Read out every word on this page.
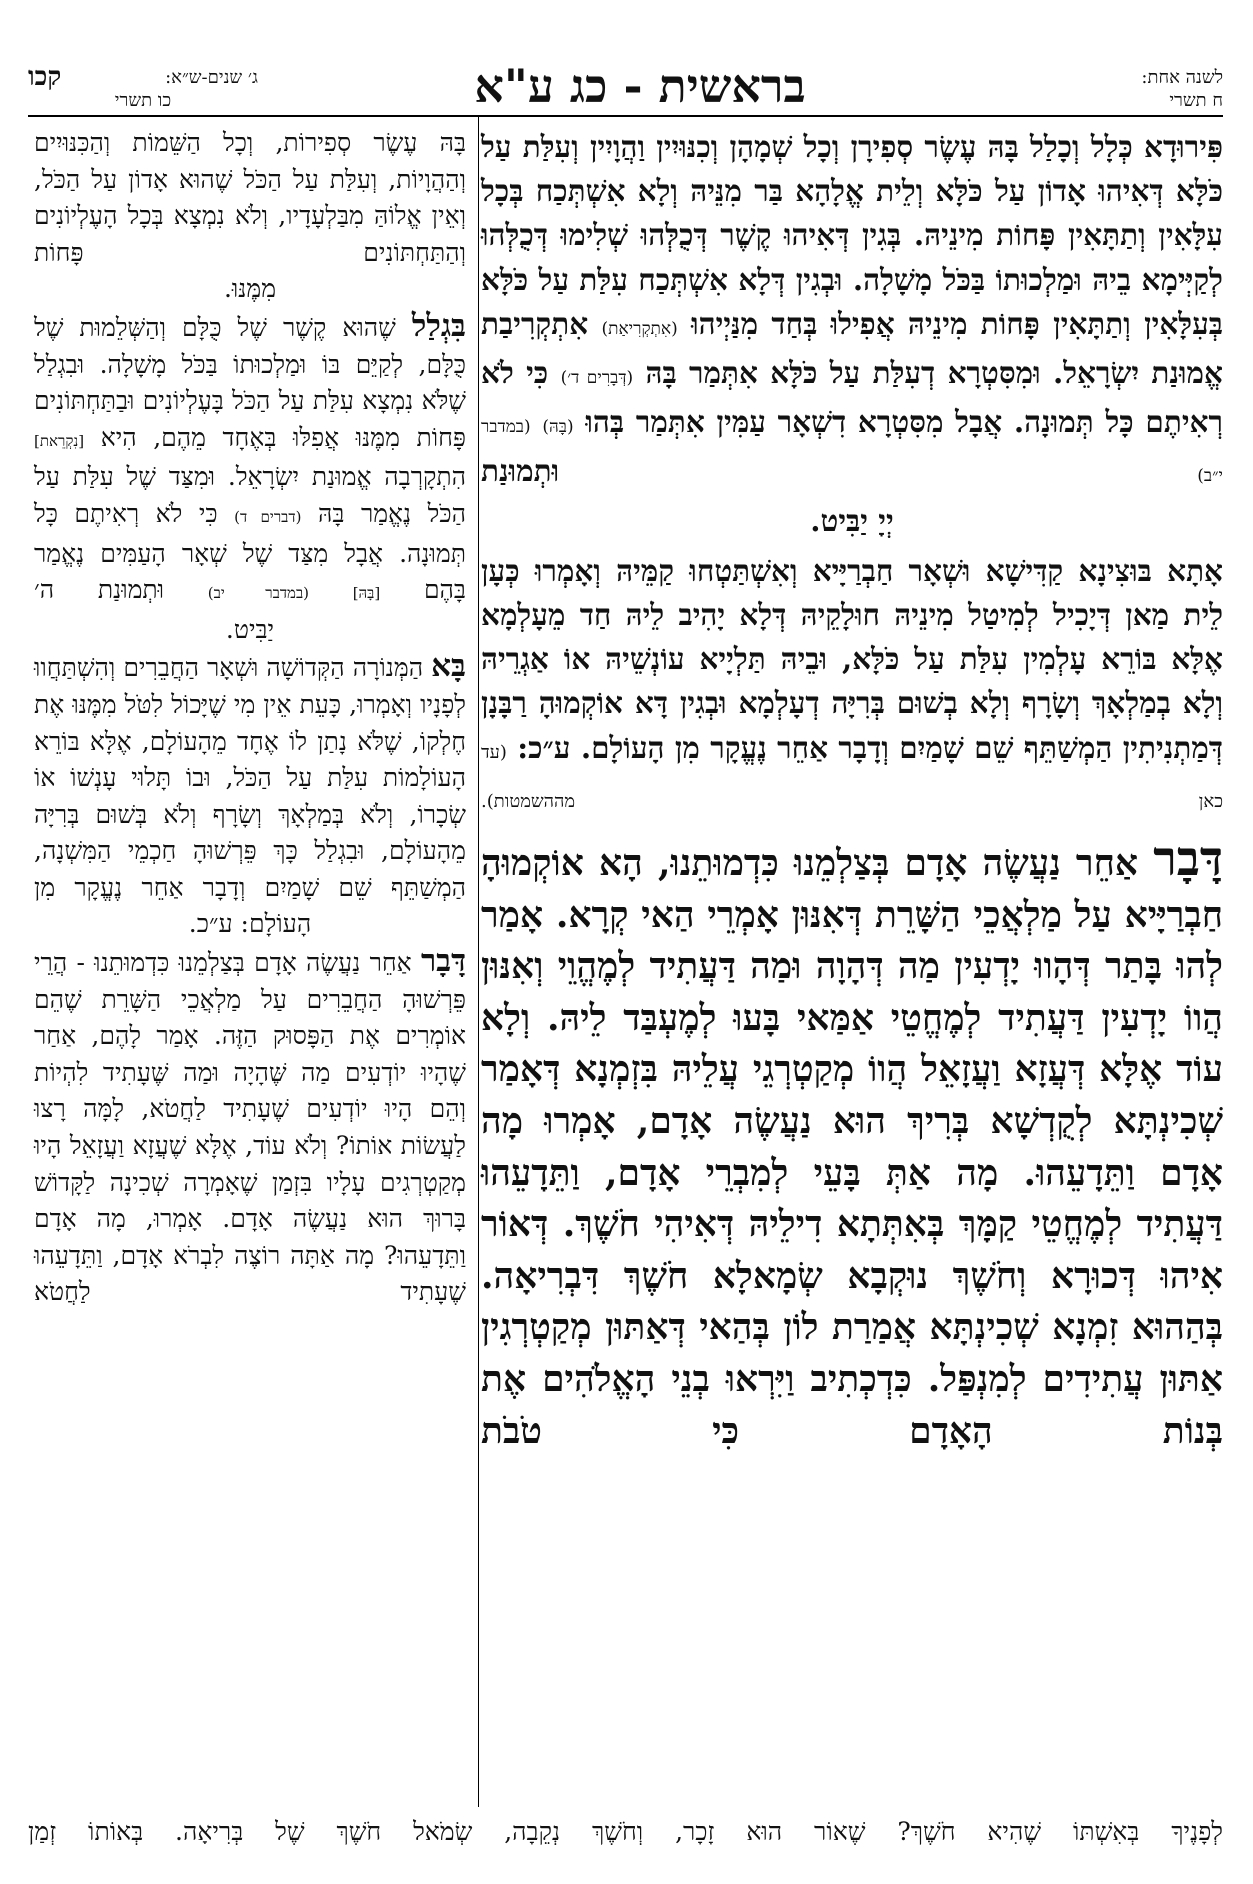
לשנה אחת:
ח תשרי
בראשית - כג ע"א
ג׳ שנים-ש״א:
קכו
כו תשרי

פִּירוּדָא כְּלָל וְכָלַל בָּהּ עֶשֶׂר סְפִירָן וְכָל שְׁמָהָן וְכִנּוּיִין וַהֲוָיִין וְעִלַּת עַל כֹּלָּא דְּאִיהוּ אָדוֹן עַל כֹּלָּא וְלֵית אֱלָהָא בַּר מִנֵּיהּ וְלָא אִשְׁתְּכַח בְּכָל עִלָּאִין וְתַתָּאִין פָּחוֹת מִינֵיהּ. בְּגִין דְּאִיהוּ קֶשֶׁר דְּכֻלְּהוּ שְׁלִימוּ דְּכֻלְּהוּ לְקַיְּימָא בֵיהּ וּמַלְכוּתוֹ בַּכֹּל מָשָׁלָה. וּבְגִין דְּלָא אִשְׁתְּכַח עִלַּת עַל כֹּלָּא בְּעִלָּאִין וְתַתָּאִין פָּחוֹת מִינֵיהּ אֲפִילוּ בְּחַד מִנַּיְיהוּ (אִתְקְרִיאַת) אִתְקְרִיבַת אֱמוּנַת יִשְׂרָאֵל. וּמִסִּטְרָא דְעִלַּת עַל כֹּלָּא אִתְּמַר בָּהּ (דְּבָרִים ד׳) כִּי לֹא רְאִיתֶם כָּל תְּמוּנָה. אֲבָל מִסִּטְרָא דִשְׁאָר עַמִּין אִתְּמַר בְּהוּ (בָּהּ) (במדבר י״ב) וּתְמוּנַת
יְיָ יַבִּיט.

אָתָא בּוּצִינָא קַדִּישָׁא וּשְׁאָר חַבְרַיָּיא וְאִשְׁתַּטְחוּ קַמֵּיהּ וְאָמְרוּ כְּעָן לֵית מַאן דְּיָכִיל לְמִיטַל מִינֵיהּ חוּלָקֵיהּ דְּלָא יָהִיב לֵיהּ חַד מֵעָלְמָא אֶלָּא בּוֹרֵא עָלְמִין עִלַּת עַל כֹּלָּא, וּבֵיהּ תַּלְיָיא עוֹנְשֵׁיהּ אוֹ אַגְרֵיהּ וְלָא בְמַלְאָךְ וְשָׂרָף וְלָא בְשׁוּם בְּרִיָּה דְעָלְמָא וּבְגִין דָּא אוֹקְמוּהָ רַבָּנָן דְּמַתְנִיתִין הַמְשַׁתֵּף שֵׁם שָׁמַיִם וְדָבָר אַחֵר נֶעֱקָר מִן הָעוֹלָם. ע״כ: (עד כאן מההשמטות).

דָּבָר אַחֵר נַעֲשֶׂה אָדָם בְּצַלְמֵנוּ כִּדְמוּתֵנוּ, הָא אוֹקְמוּהָ חַבְרַיָּיא עַל מַלְאֲכֵי הַשָּׁרֵת דְּאִנּוּן אָמְרֵי הַאי קְרָא. אָמַר לְהוּ בָּתַר דְּהָווּ יָדְעִין מַה דְּהָוָה וּמַה דַּעֲתִיד לְמֶהֱוֵי וְאִנּוּן הֲווֹ יָדְעִין דַּעֲתִיד לְמֶחֱטֵי אַמַּאי בָּעוּ לְמֶעְבַּד לֵיהּ. וְלָא עוֹד אֶלָּא דְּעֲזָא וַעֲזָאֵל הֲווֹ מְקַטְרְגֵי עֲלֵיהּ בִּזְמְנָא דְּאָמַר שְׁכִינְתָּא לְקֻדְשָׁא בְּרִיךְ הוּא נַעֲשֶׂה אָדָם, אָמְרוּ מָה אָדָם וַתֵּדָעֵהוּ. מָה אַתְּ בָּעֵי לְמִבְרֵי אָדָם, וַתֵּדָעֵהוּ דַּעֲתִיד לְמֶחֱטֵי קַמָּךְ בְּאִתְּתָא דִילֵיהּ דְּאִיהִי חֹשֶׁךְ. דְּאוֹר אִיהוּ דְּכוּרָא וְחֹשֶׁךְ נוּקְבָא שְׂמָאלָא חֹשֶׁךְ דִּבְרִיאָה. בְּהַהוּא זִמְנָא שְׁכִינְתָּא אֲמַרַת לוֹן בְּהַאי דְּאַתּוּן מְקַטְרְגִין אַתּוּן עֲתִידִים לְמִנְפַּל. כִּדְכְתִיב וַיִּרְאוּ בְנֵי הָאֱלֹהִים אֶת בְּנוֹת הָאָדָם כִּי טֹבֹת

בָּהּ עֶשֶׂר סְפִירוֹת, וְכָל הַשֵּׁמוֹת וְהַכִּנּוּיִים וְהַהֲוָיוֹת, וְעִלַּת עַל הַכֹּל שֶׁהוּא אָדוֹן עַל הַכֹּל, וְאֵין אֱלוֹהַּ מִבַּלְעָדָיו, וְלֹא נִמְצָא בְּכָל הָעֶלְיוֹנִים וְהַתַּחְתּוֹנִים פָּחוֹת
מִמֶּנּוּ.

בִּגְלַל שֶׁהוּא קֶשֶׁר שֶׁל כֻּלָּם וְהַשְּׁלֵמוּת שֶׁל כֻּלָּם, לְקַיֵּם בּוֹ וּמַלְכוּתוֹ בַּכֹּל מָשָׁלָה. וּבִגְלַל שֶׁלֹּא נִמְצָא עִלַּת עַל הַכֹּל בָּעֶלְיוֹנִים וּבַתַּחְתּוֹנִים פָּחוֹת מִמֶּנּוּ אֲפִלּוּ בְּאֶחָד מֵהֶם, הִיא [נִקְרֵאת] הִתְקָרְבָה אֱמוּנַת יִשְׂרָאֵל. וּמִצַּד שֶׁל עִלַּת עַל הַכֹּל נֶאֱמַר בָּהּ (דברים ד) כִּי לֹא רְאִיתֶם כָּל תְּמוּנָה. אֲבָל מִצַּד שֶׁל שְׁאָר הָעַמִּים נֶאֱמַר בָּהֶם [בָּהּ] (במדבר יב) וּתְמוּנַת ה׳
יַבִּיט.

בָּא הַמְּנוֹרָה הַקְּדוֹשָׁה וּשְׁאָר הַחֲבֵרִים וְהִשְׁתַּחֲווּ לְפָנָיו וְאָמְרוּ, כָּעֵת אֵין מִי שֶׁיָּכוֹל לִטֹּל מִמֶּנּוּ אֶת חֶלְקוֹ, שֶׁלֹּא נָתַן לוֹ אֶחָד מֵהָעוֹלָם, אֶלָּא בּוֹרֵא הָעוֹלָמוֹת עִלַּת עַל הַכֹּל, וּבוֹ תָּלוּי עָנְשׁוֹ אוֹ שְׂכָרוֹ, וְלֹא בְּמַלְאָךְ וְשָׂרָף וְלֹא בְּשׁוּם בְּרִיָּה מֵהָעוֹלָם, וּבִגְלַל כָּךְ פֵּרְשׁוּהָ חַכְמֵי הַמִּשְׁנָה, הַמְשַׁתֵּף שֵׁם שָׁמַיִם וְדָבָר אַחֵר נֶעֱקָר מִן
הָעוֹלָם: ע״כ.

דָּבָר אַחֵר נַעֲשֶׂה אָדָם בְּצַלְמֵנוּ כִּדְמוּתֵנוּ - הֲרֵי פֵּרְשׁוּהָ הַחֲבֵרִים עַל מַלְאֲכֵי הַשָּׁרֵת שֶׁהֵם אוֹמְרִים אֶת הַפָּסוּק הַזֶּה. אָמַר לָהֶם, אַחַר שֶׁהָיוּ יוֹדְעִים מַה שֶּׁהָיָה וּמַה שֶּׁעָתִיד לִהְיוֹת וְהֵם הָיוּ יוֹדְעִים שֶׁעָתִיד לַחֲטֹא, לָמָּה רָצוּ לַעֲשׂוֹת אוֹתוֹ? וְלֹא עוֹד, אֶלָּא שֶׁעֲזָא וַעֲזָאֵל הָיוּ מְקַטְרְגִים עָלָיו בִּזְמַן שֶׁאָמְרָה שְׁכִינָה לַקָּדוֹשׁ בָּרוּךְ הוּא נַעֲשֶׂה אָדָם. אָמְרוּ, מָה אָדָם וַתֵּדָעֵהוּ? מָה אַתָּה רוֹצֶה לִבְרֹא אָדָם, וַתֵּדָעֵהוּ שֶׁעָתִיד לַחֲטֹא

לְפָנֶיךָ בְּאִשְׁתּוֹ שֶׁהִיא חֹשֶׁךְ? שֶׁאוֹר הוּא זָכָר, וְחֹשֶׁךְ נְקֵבָה, שְׂמֹאל חֹשֶׁךְ שֶׁל בְּרִיאָה. בְּאוֹתוֹ זְמַן
